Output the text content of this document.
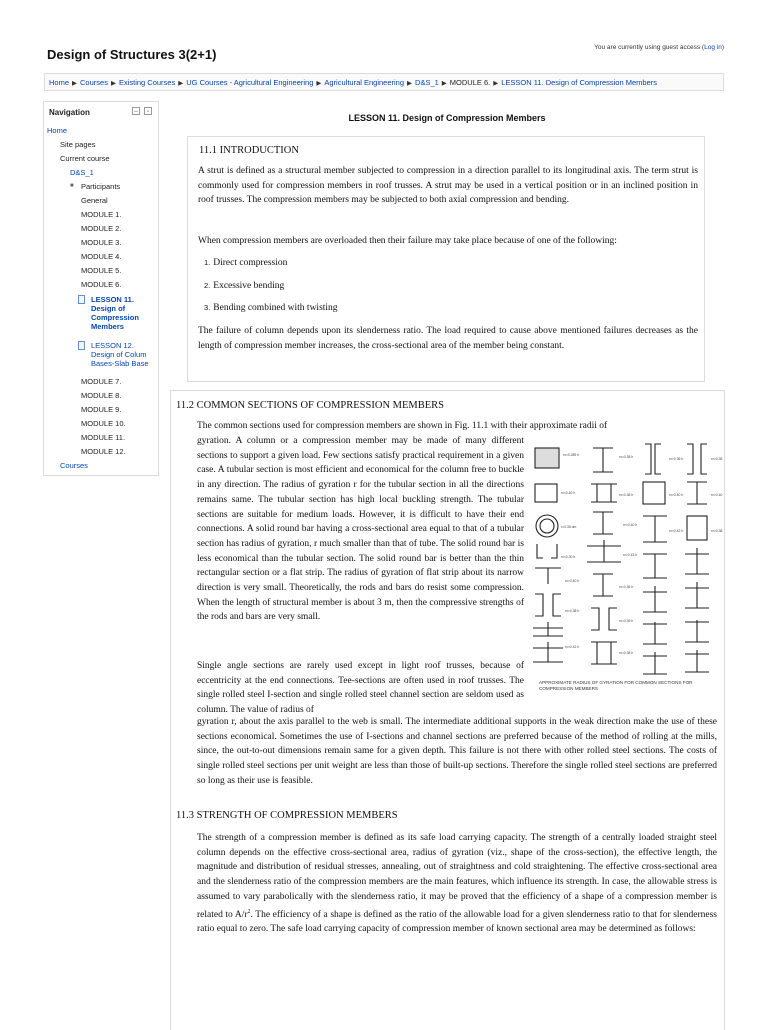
Design of Structures 3(2+1)	You are currently using guest access (Log in)
Home ▶ Courses ▶ Existing Courses ▶ UG Courses - Agricultural Engineering ▶ Agricultural Engineering ▶ D&S_1 ▶ MODULE 6. ▶ LESSON 11. Design of Compression Members
Navigation	–	▫
Home
Site pages
Current course
D&S_1
■ Participants
General
MODULE 1.
MODULE 2.
MODULE 3.
MODULE 4.
MODULE 5.
MODULE 6.
LESSON 11. Design of Compression Members
LESSON 12. Design of Colum Bases-Slab Base
MODULE 7.
MODULE 8.
MODULE 9.
MODULE 10.
MODULE 11.
MODULE 12.
Courses
LESSON 11. Design of Compression Members
11.1 INTRODUCTION

A strut is defined as a structural member subjected to compression in a direction parallel to its longitudinal axis. The term strut is commonly used for compression members in roof trusses. A strut may be used in a vertical position or in an inclined position in roof trusses. The compression members may be subjected to both axial compression and bending.

When compression members are overloaded then their failure may take place because of one of the following:

1. Direct compression
2. Excessive bending
3. Bending combined with twisting

The failure of column depends upon its slenderness ratio. The load required to cause above mentioned failures decreases as the length of compression member increases, the cross-sectional area of the member being constant.

11.2 COMMON SECTIONS OF COMPRESSION MEMBERS

The common sections used for compression members are shown in Fig. 11.1 with their approximate radii of

gyration. A column or a compression member may be made of many different sections to support a given load. Few sections satisfy practical requirement in a given case. A tubular section is most efficient and economical for the column free to buckle in any direction. The radius of gyration r for the tubular section in all the directions remains same. The tubular section has high local buckling strength. The tubular sections are suitable for medium loads. However, it is difficult to have their end connections. A solid round bar having a cross-sectional area equal to that of a tubular section has radius of gyration, r much smaller than that of tube. The solid round bar is less economical than the tubular section. The solid round bar is better than the thin rectangular section or a flat strip. The radius of gyration of flat strip about its narrow direction is very small. Theoretically, the rods and bars do resist some compression. When the length of structural member is about 3 m, then the compressive strengths of the rods and bars are very small.

Single angle sections are rarely used except in light roof trusses, because of eccentricity at the end connections. Tee-sections are often used in roof trusses. The single rolled steel I-section and single rolled steel channel section are seldom used as column. The value of radius of

gyration r, about the axis parallel to the web is small. The intermediate additional supports in the weak direction make the use of these sections economical. Sometimes the use of I-sections and channel sections are preferred because of the method of rolling at the mills, since, the out-to-out dimensions remain same for a given depth. This failure is not there with other rolled steel sections. The costs of single rolled steel sections per unit weight are less than those of built-up sections. Therefore the single rolled steel sections are preferred so long as their use is feasible.

rx=0.289 h
rx=0.40 h
r=0.35 dm
rx=0.30 b
rx=0.40 h
rx=0.38 h
rx=0.42 h
rx=0.38 h
rx=0.36 h
rx=0.40 h
rx=0.43 h
rx=0.36 h
rx=0.39 h
rx=0.38 h
rx=0.36 h
rx=0.40 h
rx=0.42 h
rx=0.35
rx=0.40
rx=0.38
APPROXIMATE RADIUS OF GYRATION FOR COMMON SECTIONS FOR COMPRESSION MEMBERS
11.3 STRENGTH OF COMPRESSION MEMBERS

The strength of a compression member is defined as its safe load carrying capacity. The strength of a centrally loaded straight steel column depends on the effective cross-sectional area, radius of gyration (viz., shape of the cross-section), the effective length, the magnitude and distribution of residual stresses, annealing, out of straightness and cold straightening. The effective cross-sectional area and the slenderness ratio of the compression members are the main features, which influence its strength. In case, the allowable stress is assumed to vary parabolically with the slenderness ratio, it may be proved that the efficiency of a shape of a compression member is related to $A/r^2$. The efficiency of a shape is defined as the ratio of the allowable load for a given slenderness ratio to that for slenderness ratio equal to zero. The safe load carrying capacity of compression member of known sectional area may be determined as follows:
